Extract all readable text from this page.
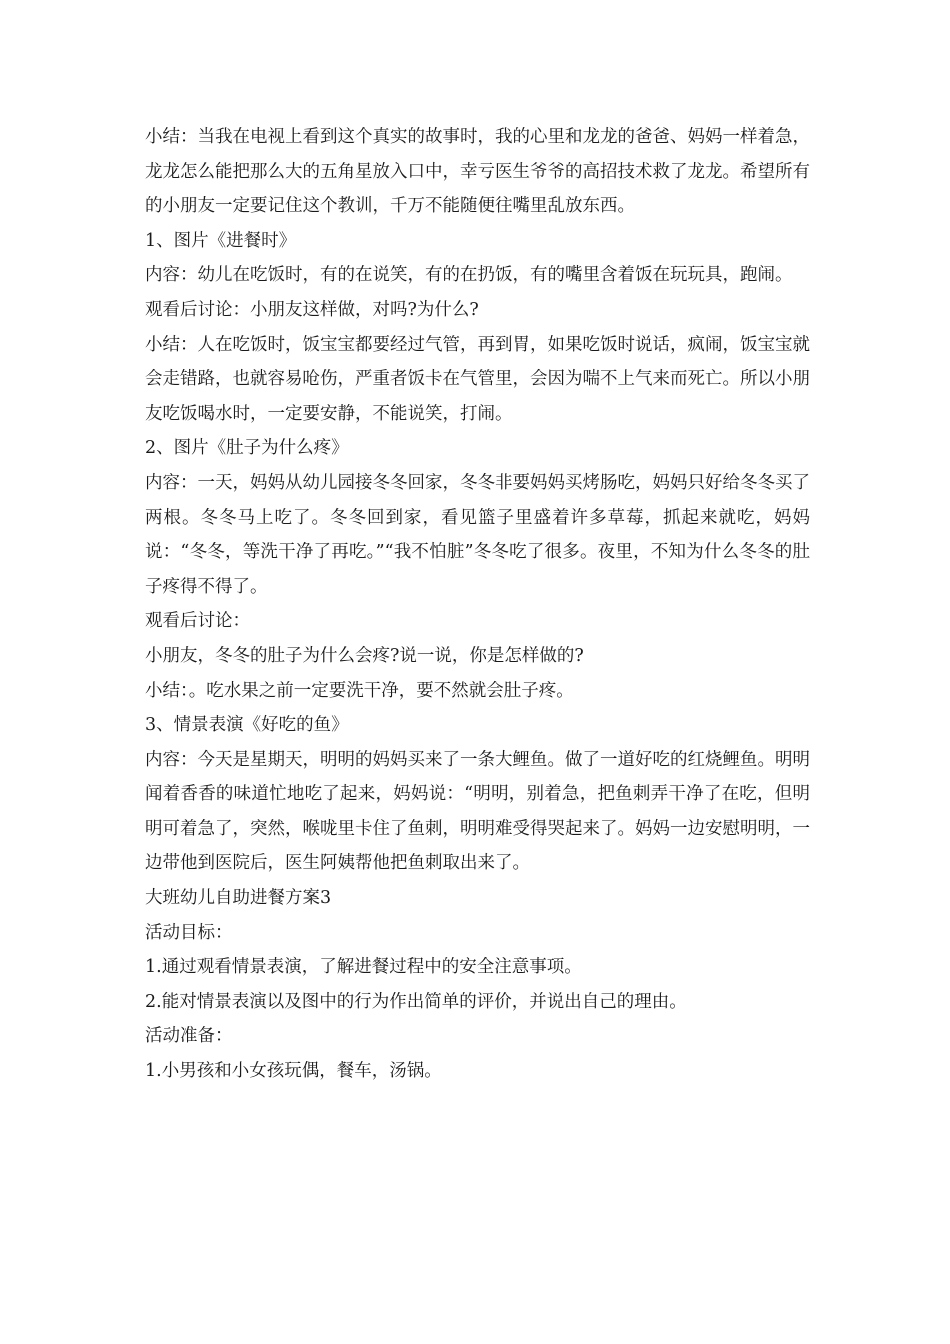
小结：当我在电视上看到这个真实的故事时，我的心里和龙龙的爸爸、妈妈一样着急，龙龙怎么能把那么大的五角星放入口中，幸亏医生爷爷的高招技术救了龙龙。希望所有的小朋友一定要记住这个教训，千万不能随便往嘴里乱放东西。

1、图片《进餐时》

内容：幼儿在吃饭时，有的在说笑，有的在扔饭，有的嘴里含着饭在玩玩具，跑闹。

观看后讨论：小朋友这样做，对吗?为什么?

小结：人在吃饭时，饭宝宝都要经过气管，再到胃，如果吃饭时说话，疯闹，饭宝宝就会走错路，也就容易呛伤，严重者饭卡在气管里，会因为喘不上气来而死亡。所以小朋友吃饭喝水时，一定要安静，不能说笑，打闹。

2、图片《肚子为什么疼》

内容：一天，妈妈从幼儿园接冬冬回家，冬冬非要妈妈买烤肠吃，妈妈只好给冬冬买了两根。冬冬马上吃了。冬冬回到家，看见篮子里盛着许多草莓，抓起来就吃，妈妈说：“冬冬，等洗干净了再吃。”“我不怕脏”冬冬吃了很多。夜里，不知为什么冬冬的肚子疼得不得了。

观看后讨论：

小朋友，冬冬的肚子为什么会疼?说一说，你是怎样做的?

小结：。吃水果之前一定要洗干净，要不然就会肚子疼。

3、情景表演《好吃的鱼》

内容：今天是星期天，明明的妈妈买来了一条大鲤鱼。做了一道好吃的红烧鲤鱼。明明闻着香香的味道忙地吃了起来，妈妈说：“明明，别着急，把鱼刺弄干净了在吃，但明明可着急了，突然，喉咙里卡住了鱼刺，明明难受得哭起来了。妈妈一边安慰明明，一边带他到医院后，医生阿姨帮他把鱼刺取出来了。

大班幼儿自助进餐方案3

活动目标：

1.通过观看情景表演，了解进餐过程中的安全注意事项。

2.能对情景表演以及图中的行为作出简单的评价，并说出自己的理由。

活动准备：

1.小男孩和小女孩玩偶，餐车，汤锅。
